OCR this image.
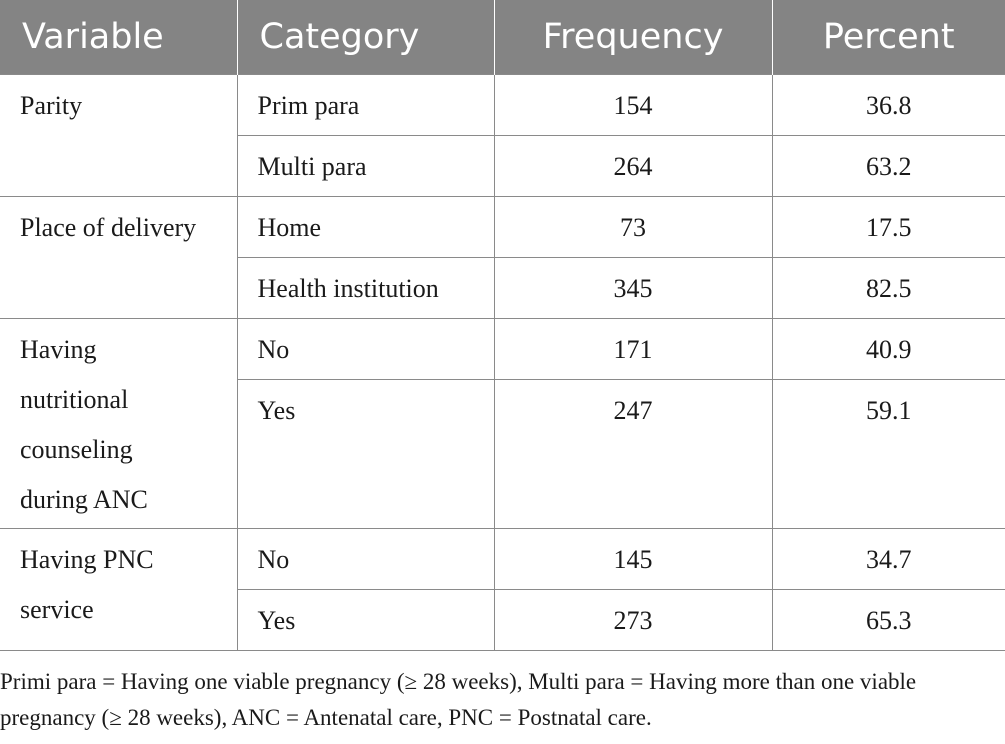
Variable	Category	Frequency	Percent
Parity	Prim para	154	36.8
	Multi para	264	63.2
Place of delivery	Home	73	17.5
	Health institution	345	82.5
Having nutritional counseling during ANC	No	171	40.9
	Yes	247	59.1
Having PNC service	No	145	34.7
	Yes	273	65.3
Primi para = Having one viable pregnancy (≥ 28 weeks), Multi para = Having more than one viable pregnancy (≥ 28 weeks), ANC = Antenatal care, PNC = Postnatal care.
